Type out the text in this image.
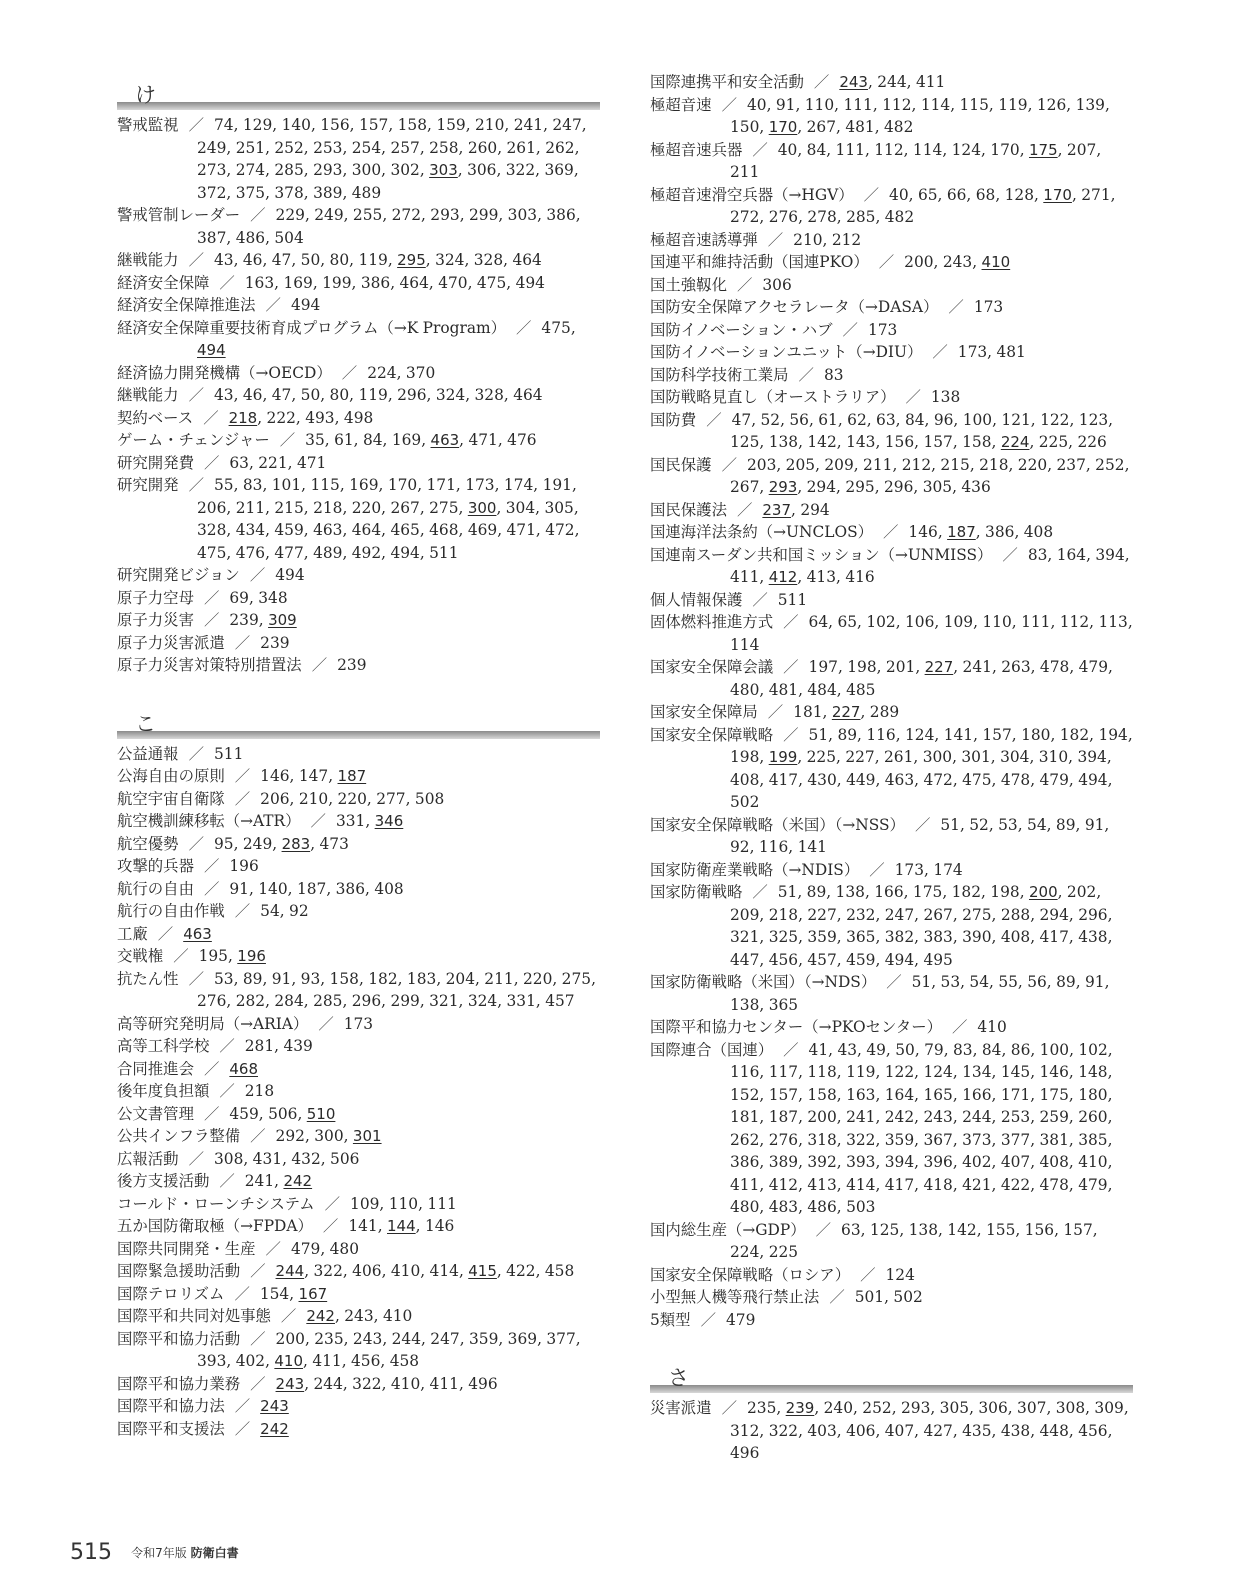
け
警戒監視 ／ 74, 129, 140, 156, 157, 158, 159, 210, 241, 247, 249, 251, 252, 253, 254, 257, 258, 260, 261, 262, 273, 274, 285, 293, 300, 302, 303, 306, 322, 369, 372, 375, 378, 389, 489
警戒管制レーダー ／ 229, 249, 255, 272, 293, 299, 303, 386, 387, 486, 504
継戦能力 ／ 43, 46, 47, 50, 80, 119, 295, 324, 328, 464
経済安全保障 ／ 163, 169, 199, 386, 464, 470, 475, 494
経済安全保障推進法 ／ 494
経済安全保障重要技術育成プログラム（→K Program） ／ 475, 494
経済協力開発機構（→OECD） ／ 224, 370
継戦能力 ／ 43, 46, 47, 50, 80, 119, 296, 324, 328, 464
契約ベース ／ 218, 222, 493, 498
ゲーム・チェンジャー ／ 35, 61, 84, 169, 463, 471, 476
研究開発費 ／ 63, 221, 471
研究開発 ／ 55, 83, 101, 115, 169, 170, 171, 173, 174, 191, 206, 211, 215, 218, 220, 267, 275, 300, 304, 305, 328, 434, 459, 463, 464, 465, 468, 469, 471, 472, 475, 476, 477, 489, 492, 494, 511
研究開発ビジョン ／ 494
原子力空母 ／ 69, 348
原子力災害 ／ 239, 309
原子力災害派遣 ／ 239
原子力災害対策特別措置法 ／ 239
こ
公益通報 ／ 511
公海自由の原則 ／ 146, 147, 187
航空宇宙自衛隊 ／ 206, 210, 220, 277, 508
航空機訓練移転（→ATR） ／ 331, 346
航空優勢 ／ 95, 249, 283, 473
攻撃的兵器 ／ 196
航行の自由 ／ 91, 140, 187, 386, 408
航行の自由作戦 ／ 54, 92
工廠 ／ 463
交戦権 ／ 195, 196
抗たん性 ／ 53, 89, 91, 93, 158, 182, 183, 204, 211, 220, 275, 276, 282, 284, 285, 296, 299, 321, 324, 331, 457
高等研究発明局（→ARIA） ／ 173
高等工科学校 ／ 281, 439
合同推進会 ／ 468
後年度負担額 ／ 218
公文書管理 ／ 459, 506, 510
公共インフラ整備 ／ 292, 300, 301
広報活動 ／ 308, 431, 432, 506
後方支援活動 ／ 241, 242
コールド・ローンチシステム ／ 109, 110, 111
五か国防衛取極（→FPDA） ／ 141, 144, 146
国際共同開発・生産 ／ 479, 480
国際緊急援助活動 ／ 244, 322, 406, 410, 414, 415, 422, 458
国際テロリズム ／ 154, 167
国際平和共同対処事態 ／ 242, 243, 410
国際平和協力活動 ／ 200, 235, 243, 244, 247, 359, 369, 377, 393, 402, 410, 411, 456, 458
国際平和協力業務 ／ 243, 244, 322, 410, 411, 496
国際平和協力法 ／ 243
国際平和支援法 ／ 242
国際連携平和安全活動 ／ 243, 244, 411
極超音速 ／ 40, 91, 110, 111, 112, 114, 115, 119, 126, 139, 150, 170, 267, 481, 482
極超音速兵器 ／ 40, 84, 111, 112, 114, 124, 170, 175, 207, 211
極超音速滑空兵器（→HGV） ／ 40, 65, 66, 68, 128, 170, 271, 272, 276, 278, 285, 482
極超音速誘導弾 ／ 210, 212
国連平和維持活動（国連PKO） ／ 200, 243, 410
国土強靱化 ／ 306
国防安全保障アクセラレータ（→DASA） ／ 173
国防イノベーション・ハブ ／ 173
国防イノベーションユニット（→DIU） ／ 173, 481
国防科学技術工業局 ／ 83
国防戦略見直し（オーストラリア） ／ 138
国防費 ／ 47, 52, 56, 61, 62, 63, 84, 96, 100, 121, 122, 123, 125, 138, 142, 143, 156, 157, 158, 224, 225, 226
国民保護 ／ 203, 205, 209, 211, 212, 215, 218, 220, 237, 252, 267, 293, 294, 295, 296, 305, 436
国民保護法 ／ 237, 294
国連海洋法条約（→UNCLOS） ／ 146, 187, 386, 408
国連南スーダン共和国ミッション（→UNMISS） ／ 83, 164, 394, 411, 412, 413, 416
個人情報保護 ／ 511
固体燃料推進方式 ／ 64, 65, 102, 106, 109, 110, 111, 112, 113, 114
国家安全保障会議 ／ 197, 198, 201, 227, 241, 263, 478, 479, 480, 481, 484, 485
国家安全保障局 ／ 181, 227, 289
国家安全保障戦略 ／ 51, 89, 116, 124, 141, 157, 180, 182, 194, 198, 199, 225, 227, 261, 300, 301, 304, 310, 394, 408, 417, 430, 449, 463, 472, 475, 478, 479, 494, 502
国家安全保障戦略（米国）（→NSS） ／ 51, 52, 53, 54, 89, 91, 92, 116, 141
国家防衛産業戦略（→NDIS） ／ 173, 174
国家防衛戦略 ／ 51, 89, 138, 166, 175, 182, 198, 200, 202, 209, 218, 227, 232, 247, 267, 275, 288, 294, 296, 321, 325, 359, 365, 382, 383, 390, 408, 417, 438, 447, 456, 457, 459, 494, 495
国家防衛戦略（米国）（→NDS） ／ 51, 53, 54, 55, 56, 89, 91, 138, 365
国際平和協力センター（→PKOセンター） ／ 410
国際連合（国連） ／ 41, 43, 49, 50, 79, 83, 84, 86, 100, 102, 116, 117, 118, 119, 122, 124, 134, 145, 146, 148, 152, 157, 158, 163, 164, 165, 166, 171, 175, 180, 181, 187, 200, 241, 242, 243, 244, 253, 259, 260, 262, 276, 318, 322, 359, 367, 373, 377, 381, 385, 386, 389, 392, 393, 394, 396, 402, 407, 408, 410, 411, 412, 413, 414, 417, 418, 421, 422, 478, 479, 480, 483, 486, 503
国内総生産（→GDP） ／ 63, 125, 138, 142, 155, 156, 157, 224, 225
国家安全保障戦略（ロシア） ／ 124
小型無人機等飛行禁止法 ／ 501, 502
5類型 ／ 479
さ
災害派遣 ／ 235, 239, 240, 252, 293, 305, 306, 307, 308, 309, 312, 322, 403, 406, 407, 427, 435, 438, 448, 456, 496
515 令和7年版 防衛白書
